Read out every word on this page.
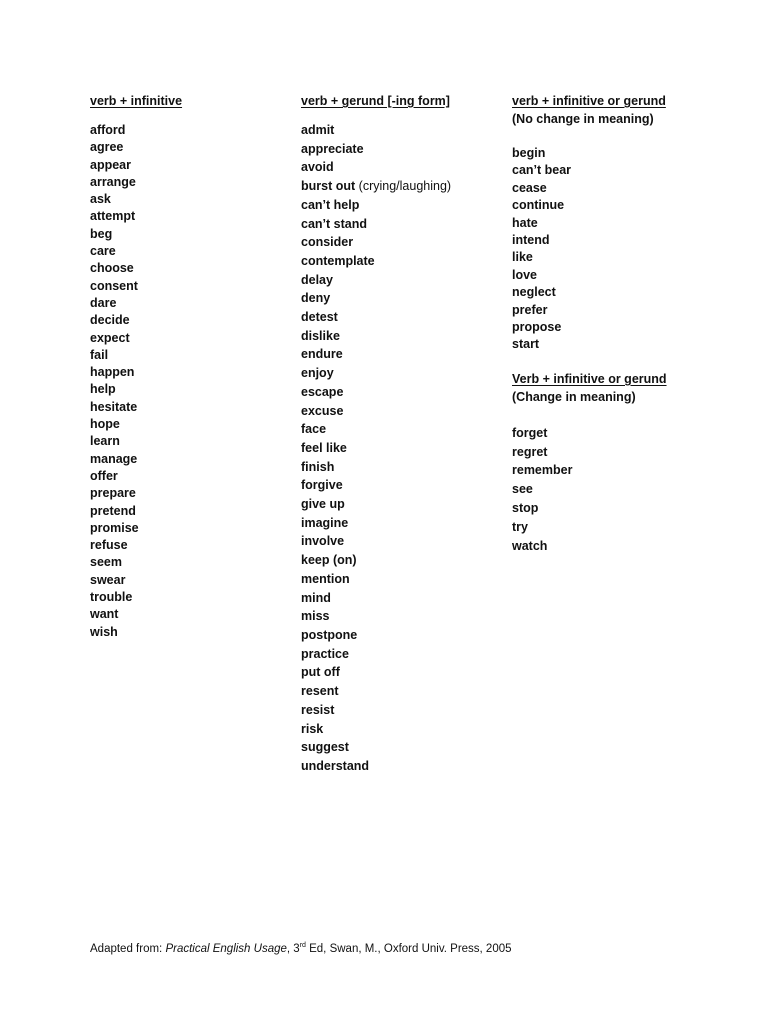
verb + infinitive

afford
agree
appear
arrange
ask
attempt
beg
care
choose
consent
dare
decide
expect
fail
happen
help
hesitate
hope
learn
manage
offer
prepare
pretend
promise
refuse
seem
swear
trouble
want
wish

verb + gerund [-ing form]

admit
appreciate
avoid
burst out (crying/laughing)
can’t help
can’t stand
consider
contemplate
delay
deny
detest
dislike
endure
enjoy
escape
excuse
face
feel like
finish
forgive
give up
imagine
involve
keep (on)
mention
mind
miss
postpone
practice
put off
resent
resist
risk
suggest
understand

verb + infinitive or gerund

(No change in meaning)

begin
can’t bear
cease
continue
hate
intend
like
love
neglect
prefer
propose
start

Verb + infinitive or gerund

(Change in meaning)

forget
regret
remember
see
stop
try
watch
Adapted from: Practical English Usage, 3rd Ed, Swan, M., Oxford Univ. Press, 2005
